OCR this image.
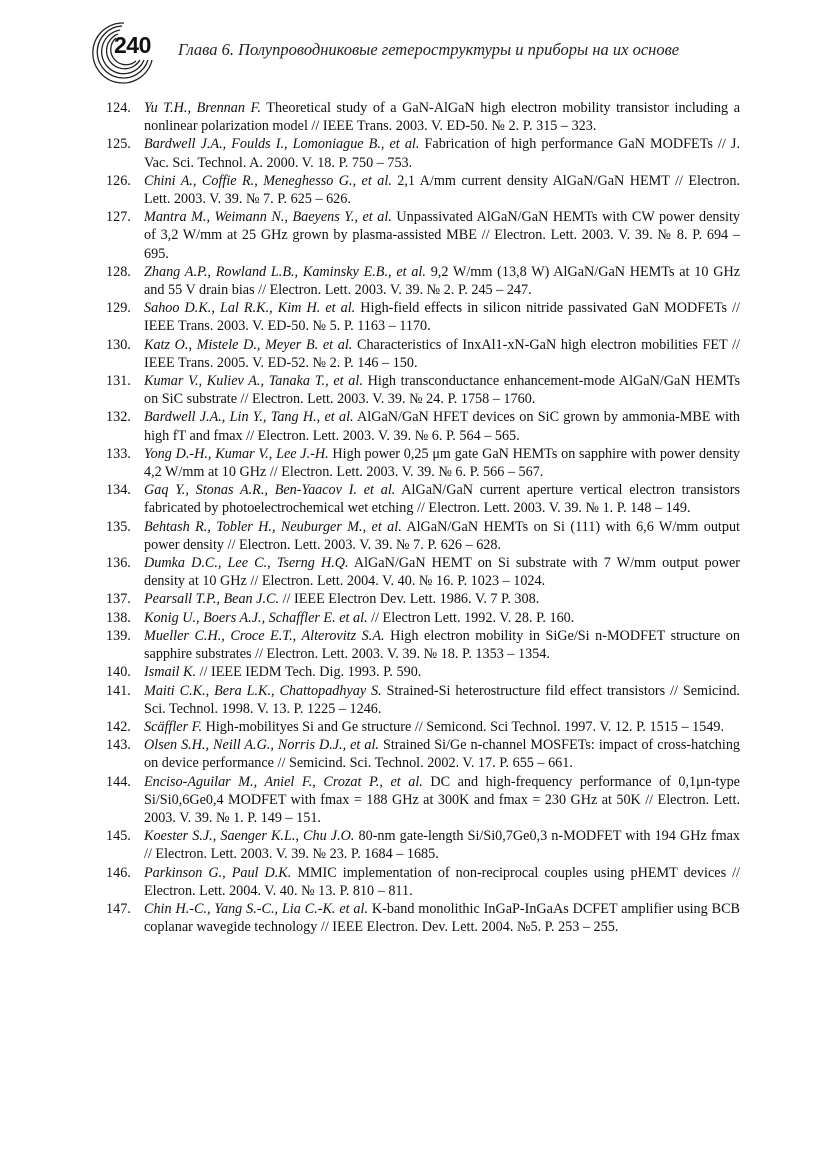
240 Глава 6. Полупроводниковые гетероструктуры и приборы на их основе
124. Yu T.H., Brennan F. Theoretical study of a GaN-AlGaN high electron mobility transistor including a nonlinear polarization model // IEEE Trans. 2003. V. ED-50. № 2. P. 315 – 323.
125. Bardwell J.A., Foulds I., Lomoniague B., et al. Fabrication of high performance GaN MODFETs // J. Vac. Sci. Technol. A. 2000. V. 18. P. 750 – 753.
126. Chini A., Coffie R., Meneghesso G., et al. 2,1 A/mm current density AlGaN/GaN HEMT // Electron. Lett. 2003. V. 39. № 7. P. 625 – 626.
127. Mantra M., Weimann N., Baeyens Y., et al. Unpassivated AlGaN/GaN HEMTs with CW power density of 3,2 W/mm at 25 GHz grown by plasma-assisted MBE // Electron. Lett. 2003. V. 39. № 8. P. 694 – 695.
128. Zhang A.P., Rowland L.B., Kaminsky E.B., et al. 9,2 W/mm (13,8 W) AlGaN/GaN HEMTs at 10 GHz and 55 V drain bias // Electron. Lett. 2003. V. 39. № 2. P. 245 – 247.
129. Sahoo D.K., Lal R.K., Kim H. et al. High-field effects in silicon nitride passivated GaN MODFETs // IEEE Trans. 2003. V. ED-50. № 5. P. 1163 – 1170.
130. Katz O., Mistele D., Meyer B. et al. Characteristics of InxAl1-xN-GaN high electron mobilities FET // IEEE Trans. 2005. V. ED-52. № 2. P. 146 – 150.
131. Kumar V., Kuliev A., Tanaka T., et al. High transconductance enhancement-mode AlGaN/GaN HEMTs on SiC substrate // Electron. Lett. 2003. V. 39. № 24. P. 1758 – 1760.
132. Bardwell J.A., Lin Y., Tang H., et al. AlGaN/GaN HFET devices on SiC grown by ammonia-MBE with high fT and fmax // Electron. Lett. 2003. V. 39. № 6. P. 564 – 565.
133. Yong D.-H., Kumar V., Lee J.-H. High power 0,25 μm gate GaN HEMTs on sapphire with power density 4,2 W/mm at 10 GHz // Electron. Lett. 2003. V. 39. № 6. P. 566 – 567.
134. Gaq Y., Stonas A.R., Ben-Yaacov I. et al. AlGaN/GaN current aperture vertical electron transistors fabricated by photoelectrochemical wet etching // Electron. Lett. 2003. V. 39. № 1. P. 148 – 149.
135. Behtash R., Tobler H., Neuburger M., et al. AlGaN/GaN HEMTs on Si (111) with 6,6 W/mm output power density // Electron. Lett. 2003. V. 39. № 7. P. 626 – 628.
136. Dumka D.C., Lee C., Tserng H.Q. AlGaN/GaN HEMT on Si substrate with 7 W/mm output power density at 10 GHz // Electron. Lett. 2004. V. 40. № 16. P. 1023 – 1024.
137. Pearsall T.P., Bean J.C. // IEEE Electron Dev. Lett. 1986. V. 7 P. 308.
138. Konig U., Boers A.J., Schaffler E. et al. // Electron Lett. 1992. V. 28. P. 160.
139. Mueller C.H., Croce E.T., Alterovitz S.A. High electron mobility in SiGe/Si n-MODFET structure on sapphire substrates // Electron. Lett. 2003. V. 39. № 18. P. 1353 – 1354.
140. Ismail K. // IEEE IEDM Tech. Dig. 1993. P. 590.
141. Maiti C.K., Bera L.K., Chattopadhyay S. Strained-Si heterostructure fild effect transistors // Semicind. Sci. Technol. 1998. V. 13. P. 1225 – 1246.
142. Scäffler F. High-mobilityes Si and Ge structure // Semicond. Sci Technol. 1997. V. 12. P. 1515 – 1549.
143. Olsen S.H., Neill A.G., Norris D.J., et al. Strained Si/Ge n-channel MOSFETs: impact of cross-hatching on device performance // Semicind. Sci. Technol. 2002. V. 17. P. 655 – 661.
144. Enciso-Aguilar M., Aniel F., Crozat P., et al. DC and high-frequency performance of 0,1μn-type Si/Si0,6Ge0,4 MODFET with fmax = 188 GHz at 300K and fmax = 230 GHz at 50K // Electron. Lett. 2003. V. 39. № 1. P. 149 – 151.
145. Koester S.J., Saenger K.L., Chu J.O. 80-nm gate-length Si/Si0,7Ge0,3 n-MODFET with 194 GHz fmax // Electron. Lett. 2003. V. 39. № 23. P. 1684 – 1685.
146. Parkinson G., Paul D.K. MMIC implementation of non-reciprocal couples using pHEMT devices // Electron. Lett. 2004. V. 40. № 13. P. 810 – 811.
147. Chin H.-C., Yang S.-C., Lia C.-K. et al. K-band monolithic InGaP-InGaAs DCFET amplifier using BCB coplanar wavegide technology // IEEE Electron. Dev. Lett. 2004. №5. P. 253 – 255.
